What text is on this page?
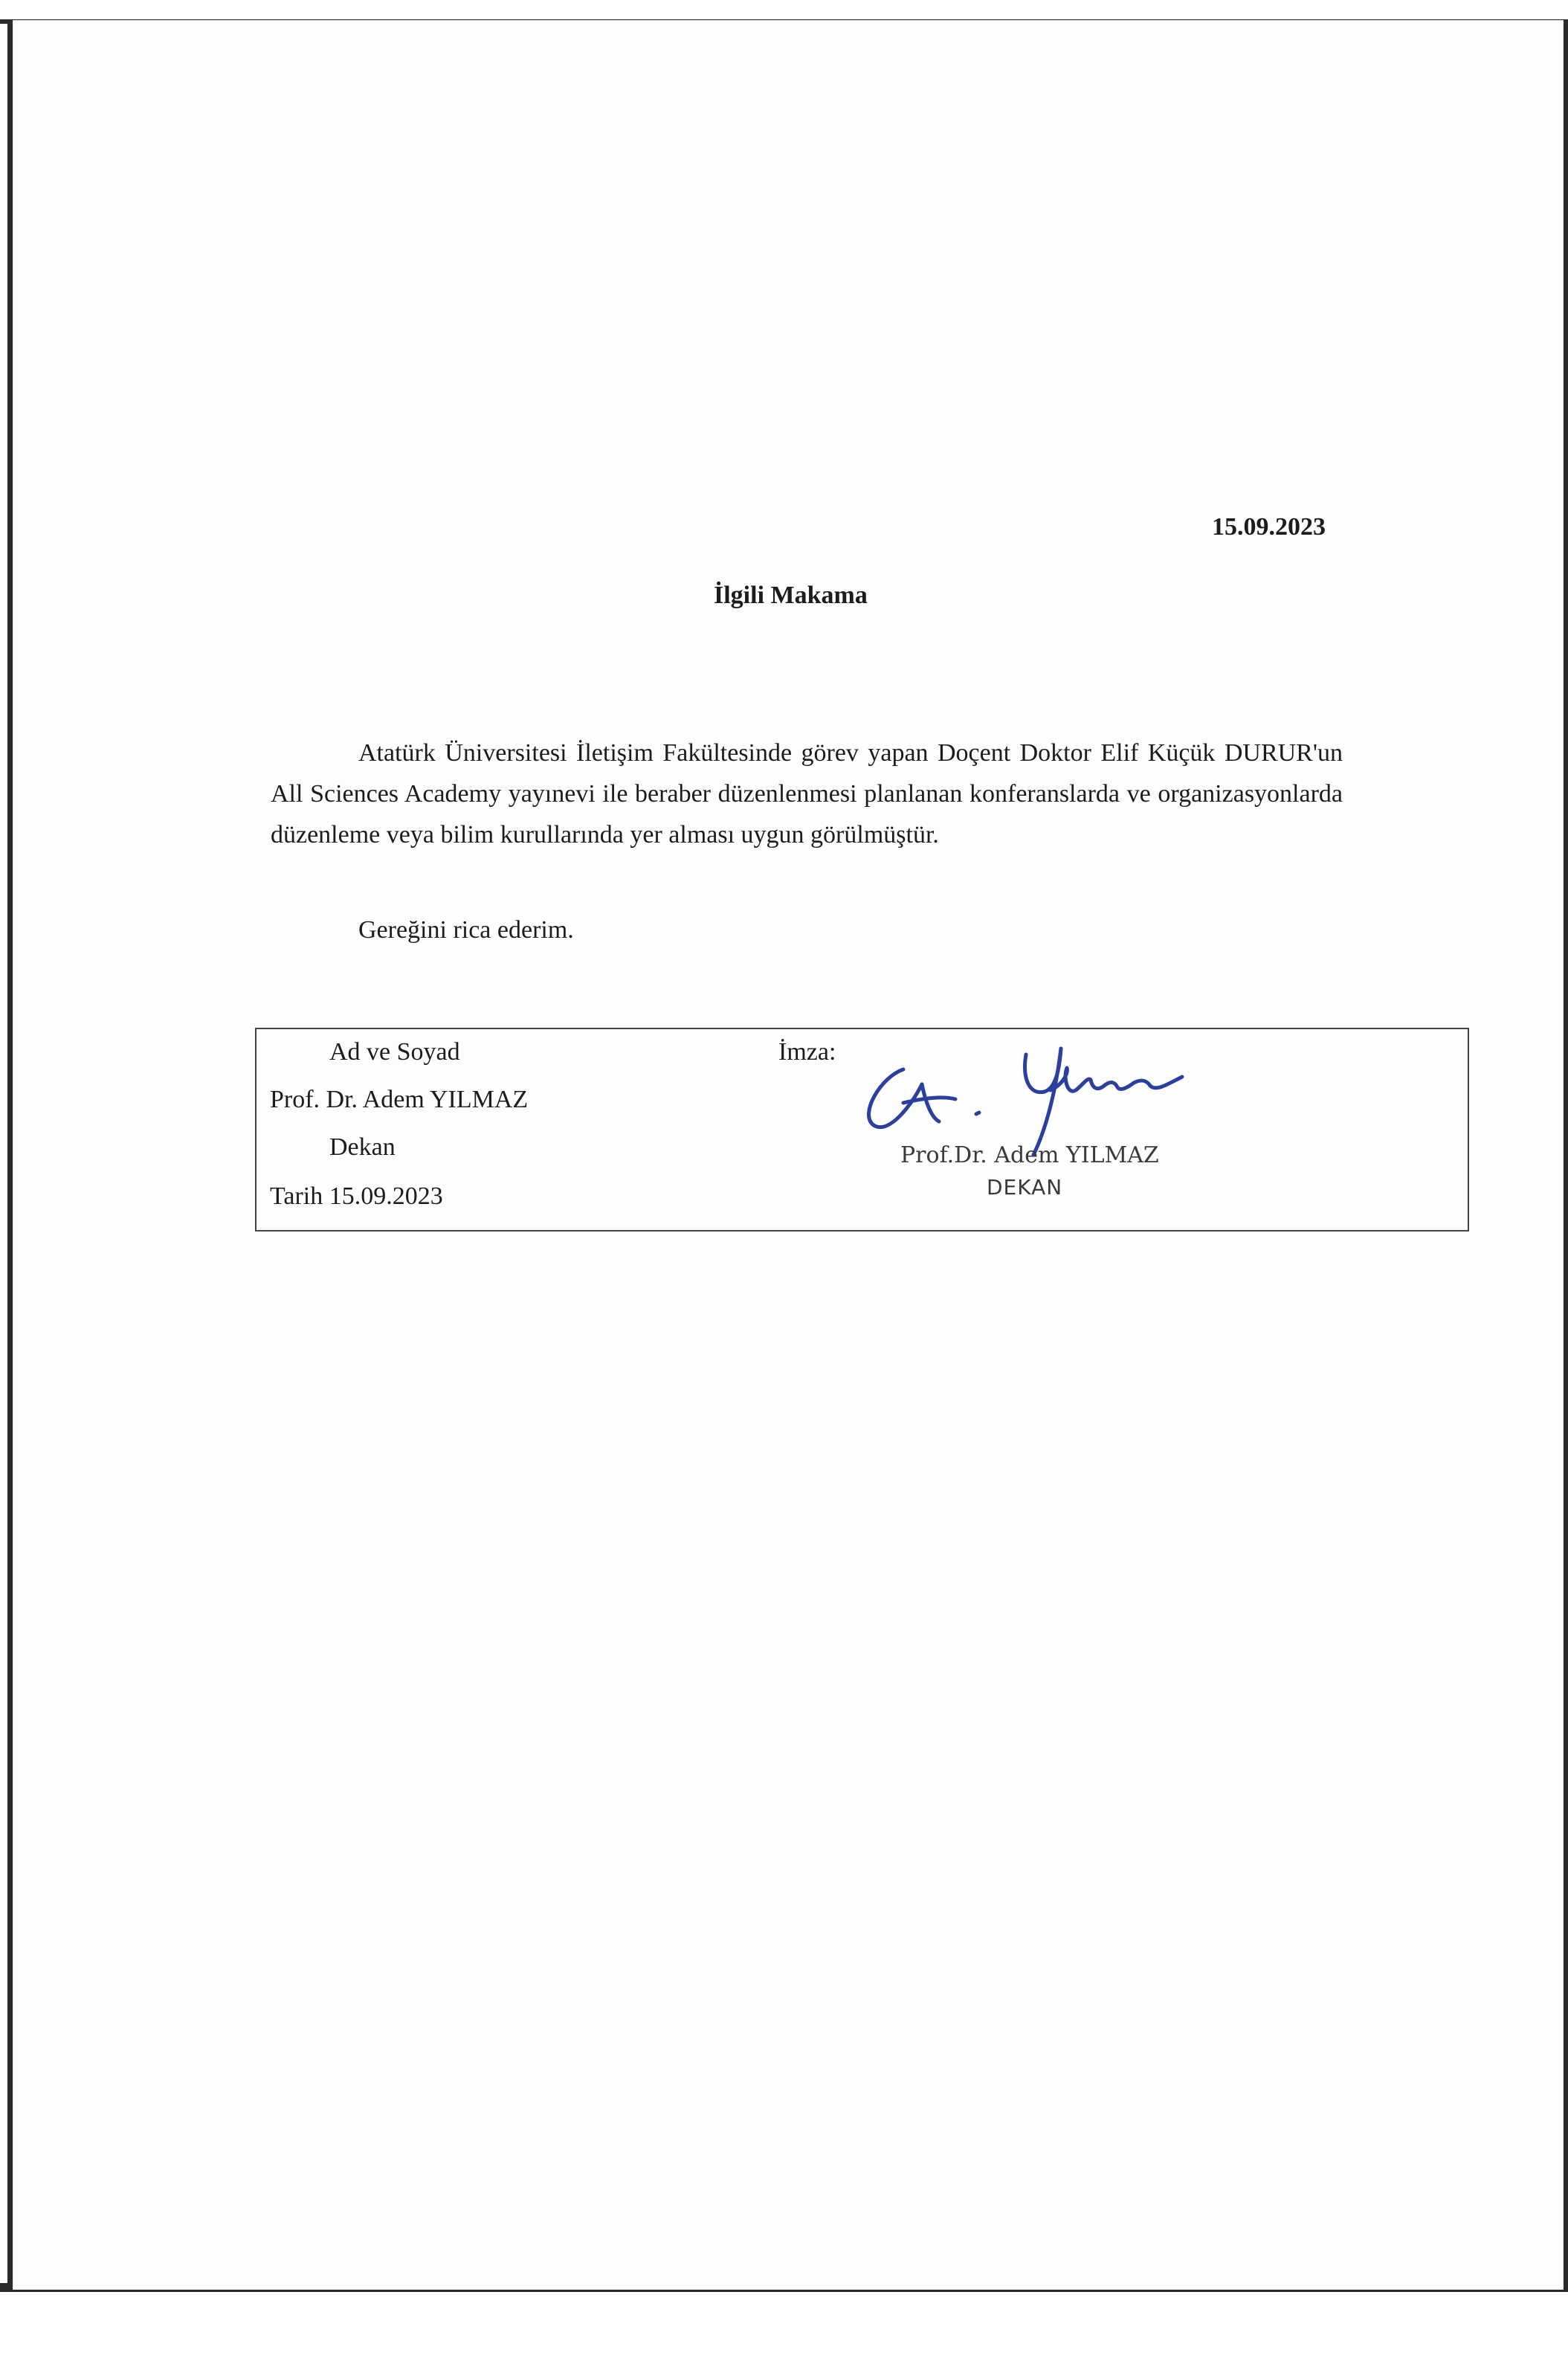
15.09.2023
İlgili Makama
Atatürk Üniversitesi İletişim Fakültesinde görev yapan Doçent Doktor Elif Küçük DURUR'un All Sciences Academy yayınevi ile beraber düzenlenmesi planlanan konferanslarda ve organizasyonlarda düzenleme veya bilim kurullarında yer alması uygun görülmüştür.
Gereğini rica ederim.
Ad ve Soyad
Prof. Dr. Adem YILMAZ
Dekan
Tarih 15.09.2023
İmza:
Prof.Dr. Adem YILMAZ
DEKAN
